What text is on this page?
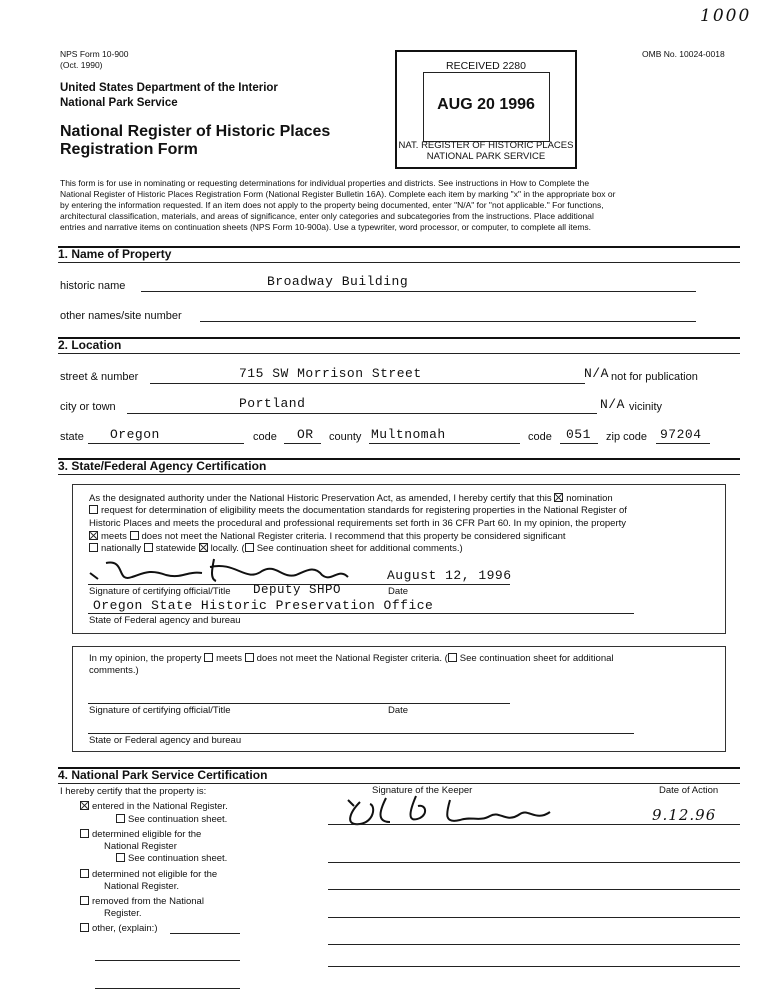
NPS Form 10-900
(Oct. 1990)
United States Department of the Interior
National Park Service
National Register of Historic Places
Registration Form
OMB No. 10024-0018
1000
RECEIVED 2280
AUG 20 1996
NAT. REGISTER OF HISTORIC PLACES
NATIONAL PARK SERVICE
This form is for use in nominating or requesting determinations for individual properties and districts. See instructions in How to Complete the
National Register of Historic Places Registration Form (National Register Bulletin 16A). Complete each item by marking "x" in the appropriate box or
by entering the information requested. If an item does not apply to the property being documented, enter "N/A" for "not applicable." For functions,
architectural classification, materials, and areas of significance, enter only categories and subcategories from the instructions. Place additional
entries and narrative items on continuation sheets (NPS Form 10-900a). Use a typewriter, word processor, or computer, to complete all items.
1. Name of Property
historic name	Broadway Building
other names/site number
2. Location
street & number	715 SW Morrison Street	N/A not for publication
city or town	Portland	N/A vicinity
state Oregon	code OR county Multnomah	code 051 zip code 97204
3. State/Federal Agency Certification
As the designated authority under the National Historic Preservation Act, as amended, I hereby certify that this nomination
request for determination of eligibility meets the documentation standards for registering properties in the National Register of
Historic Places and meets the procedural and professional requirements set forth in 36 CFR Part 60. In my opinion, the property
meets does not meet the National Register criteria. I recommend that this property be considered significant
nationally statewide locally. ( See continuation sheet for additional comments.)
August 12, 1996
Signature of certifying official/Title Deputy SHPO	Date
Oregon State Historic Preservation Office
State of Federal agency and bureau
In my opinion, the property meets does not meet the National Register criteria. ( See continuation sheet for additional
comments.)
Signature of certifying official/Title	Date
State or Federal agency and bureau
4. National Park Service Certification
I hereby certify that the property is:
entered in the National Register.
See continuation sheet.
determined eligible for the
National Register
See continuation sheet.
determined not eligible for the
National Register.
removed from the National
Register.
other, (explain:)
Signature of the Keeper	Date of Action
9.12.96
